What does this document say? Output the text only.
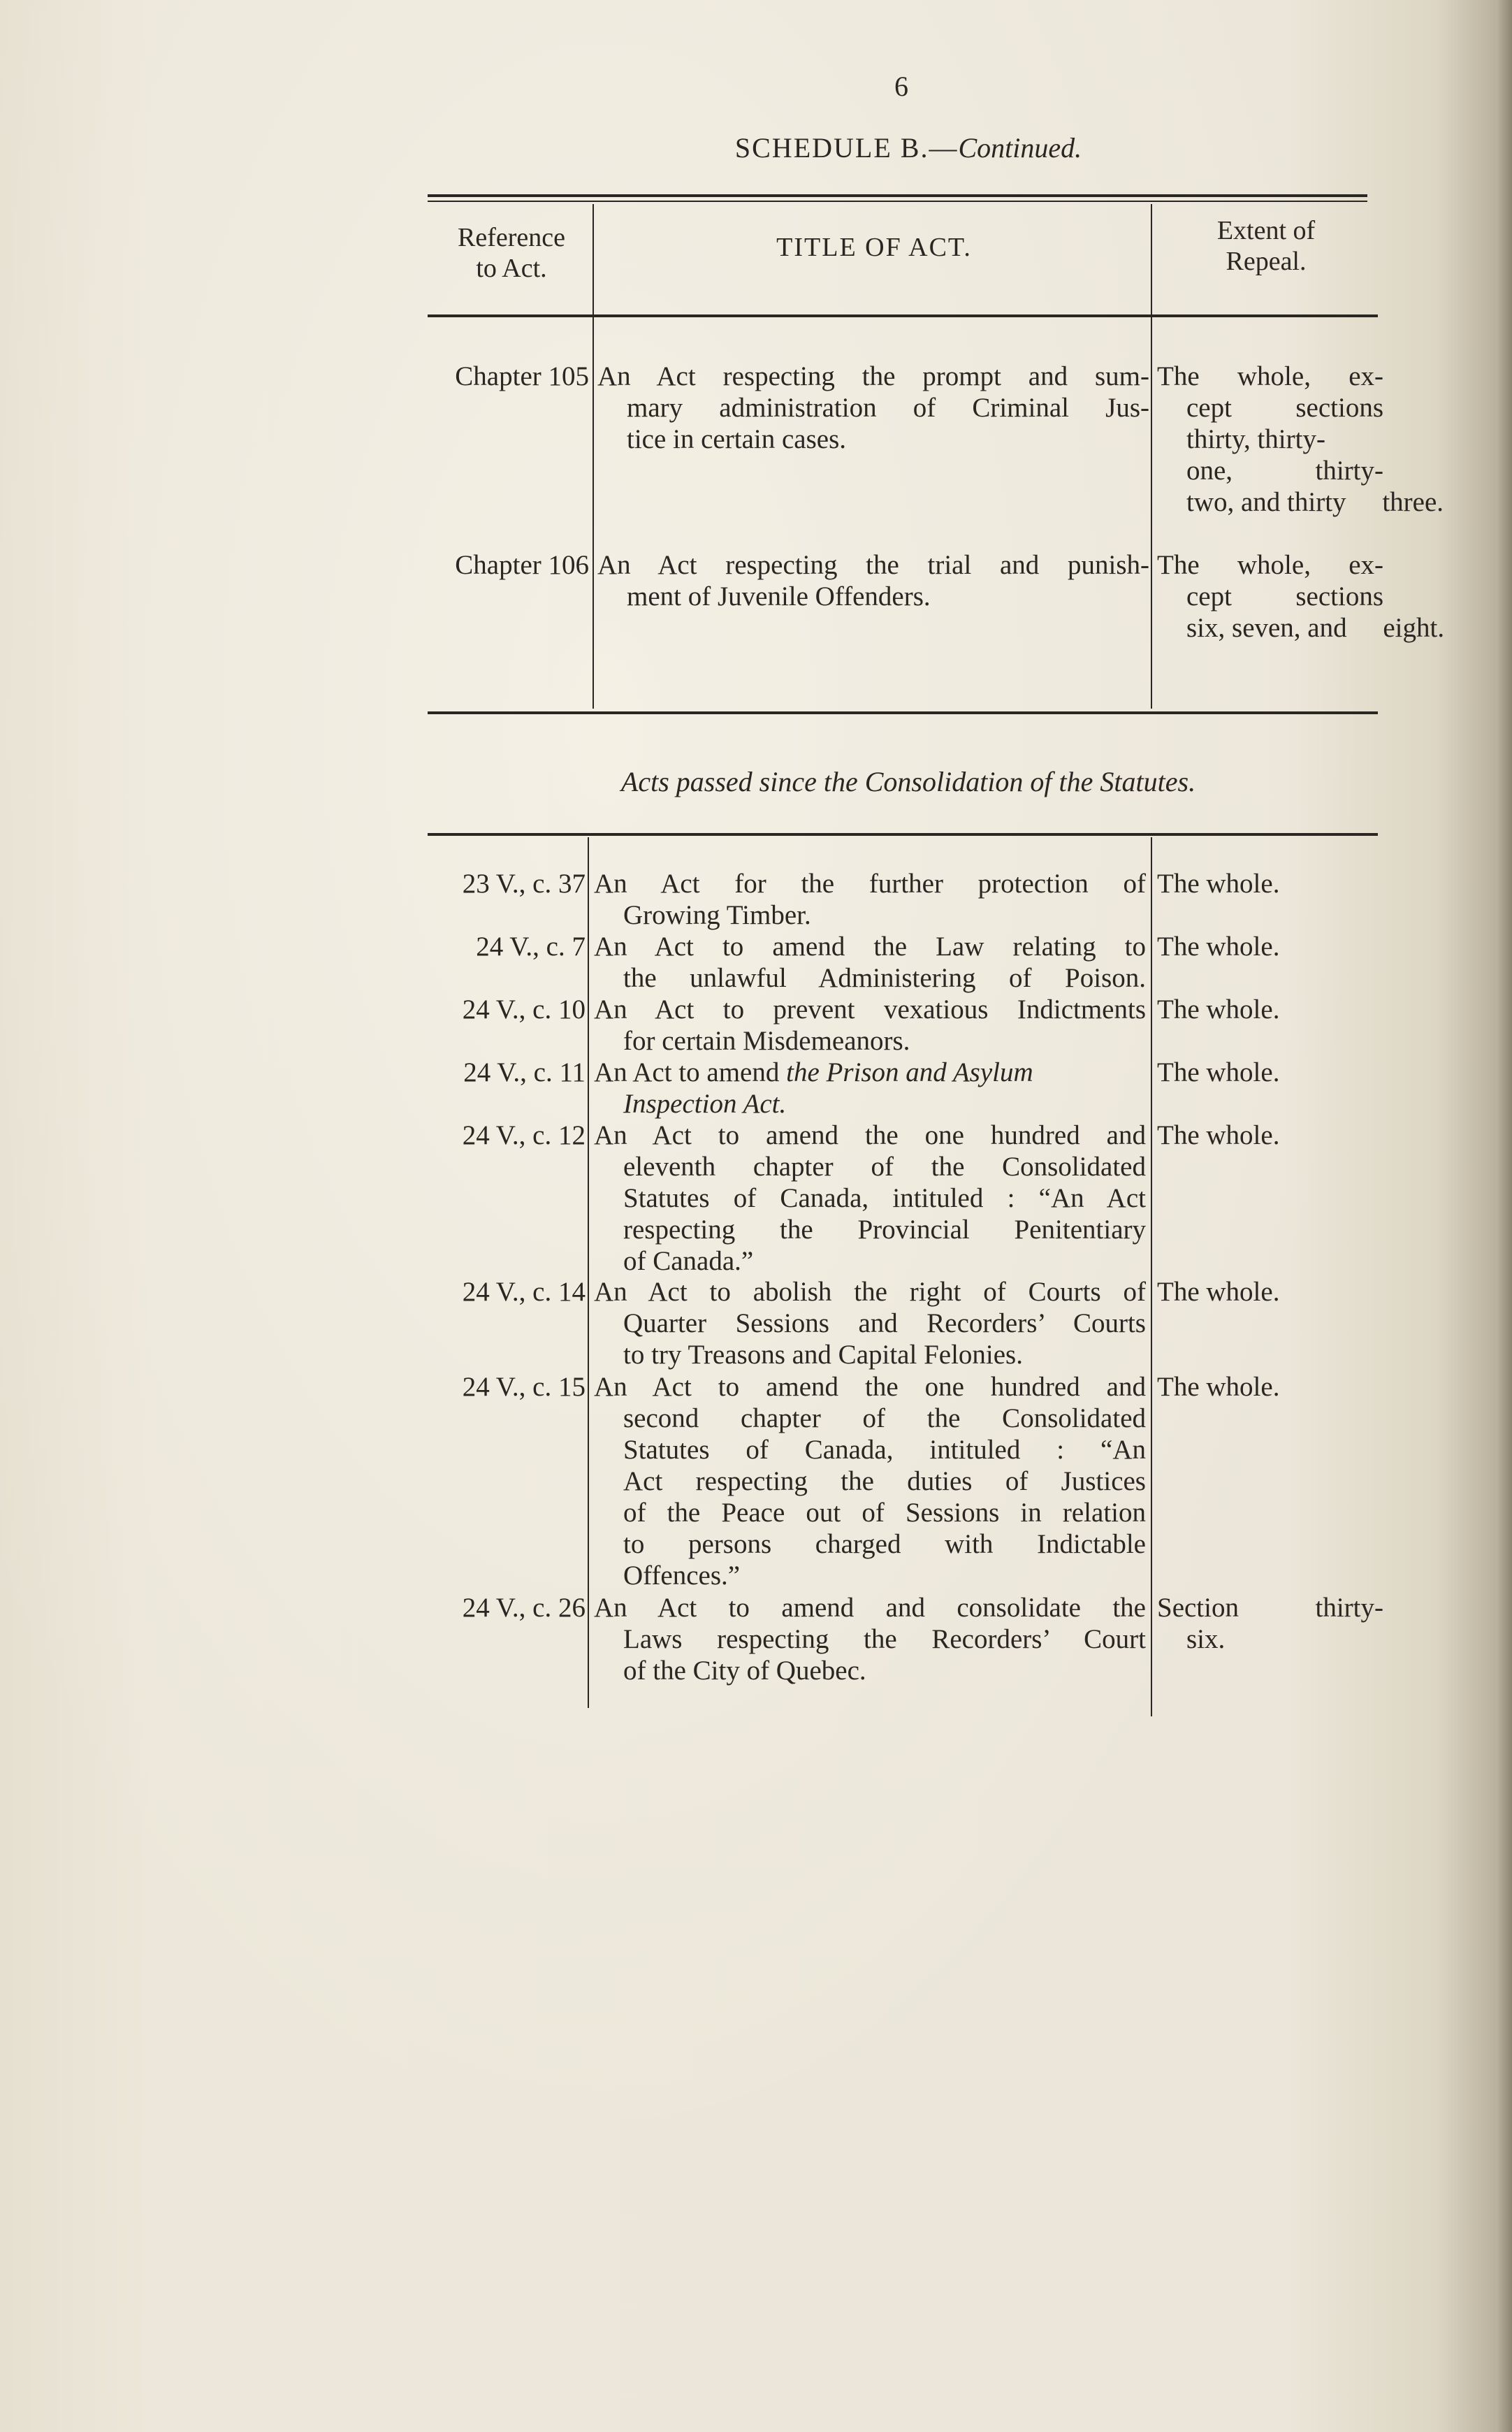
6
SCHEDULE B.—Continued.
Reference
to Act.
TITLE OF ACT.
Extent of
Repeal.
Chapter 105 An Act respecting the prompt and sum-
mary administration of Criminal Jus-
tice in certain cases.
The whole, ex-
cept sections
thirty, thirty-
one, thirty-
two, and thirty three.
Chapter 106 An Act respecting the trial and punish-
ment of Juvenile Offenders.
The whole, ex-
cept sections
six, seven, and eight.
Acts passed since the Consolidation of the Statutes.
23 V., c. 37 An Act for the further protection of
Growing Timber.
The whole.
24 V., c. 7 An Act to amend the Law relating to
the unlawful Administering of Poison.
The whole.
24 V., c. 10 An Act to prevent vexatious Indictments
for certain Misdemeanors.
The whole.
24 V., c. 11 An Act to amend the Prison and Asylum
Inspection Act.
The whole.
24 V., c. 12 An Act to amend the one hundred and
eleventh chapter of the Consolidated
Statutes of Canada, intituled : “An Act
respecting the Provincial Penitentiary
of Canada.”
The whole.
24 V., c. 14 An Act to abolish the right of Courts of
Quarter Sessions and Recorders’ Courts
to try Treasons and Capital Felonies.
The whole.
24 V., c. 15 An Act to amend the one hundred and
second chapter of the Consolidated
Statutes of Canada, intituled : “An
Act respecting the duties of Justices
of the Peace out of Sessions in relation
to persons charged with Indictable
Offences.”
The whole.
24 V., c. 26 An Act to amend and consolidate the
Laws respecting the Recorders’ Court
of the City of Quebec.
Section thirty-
six.
